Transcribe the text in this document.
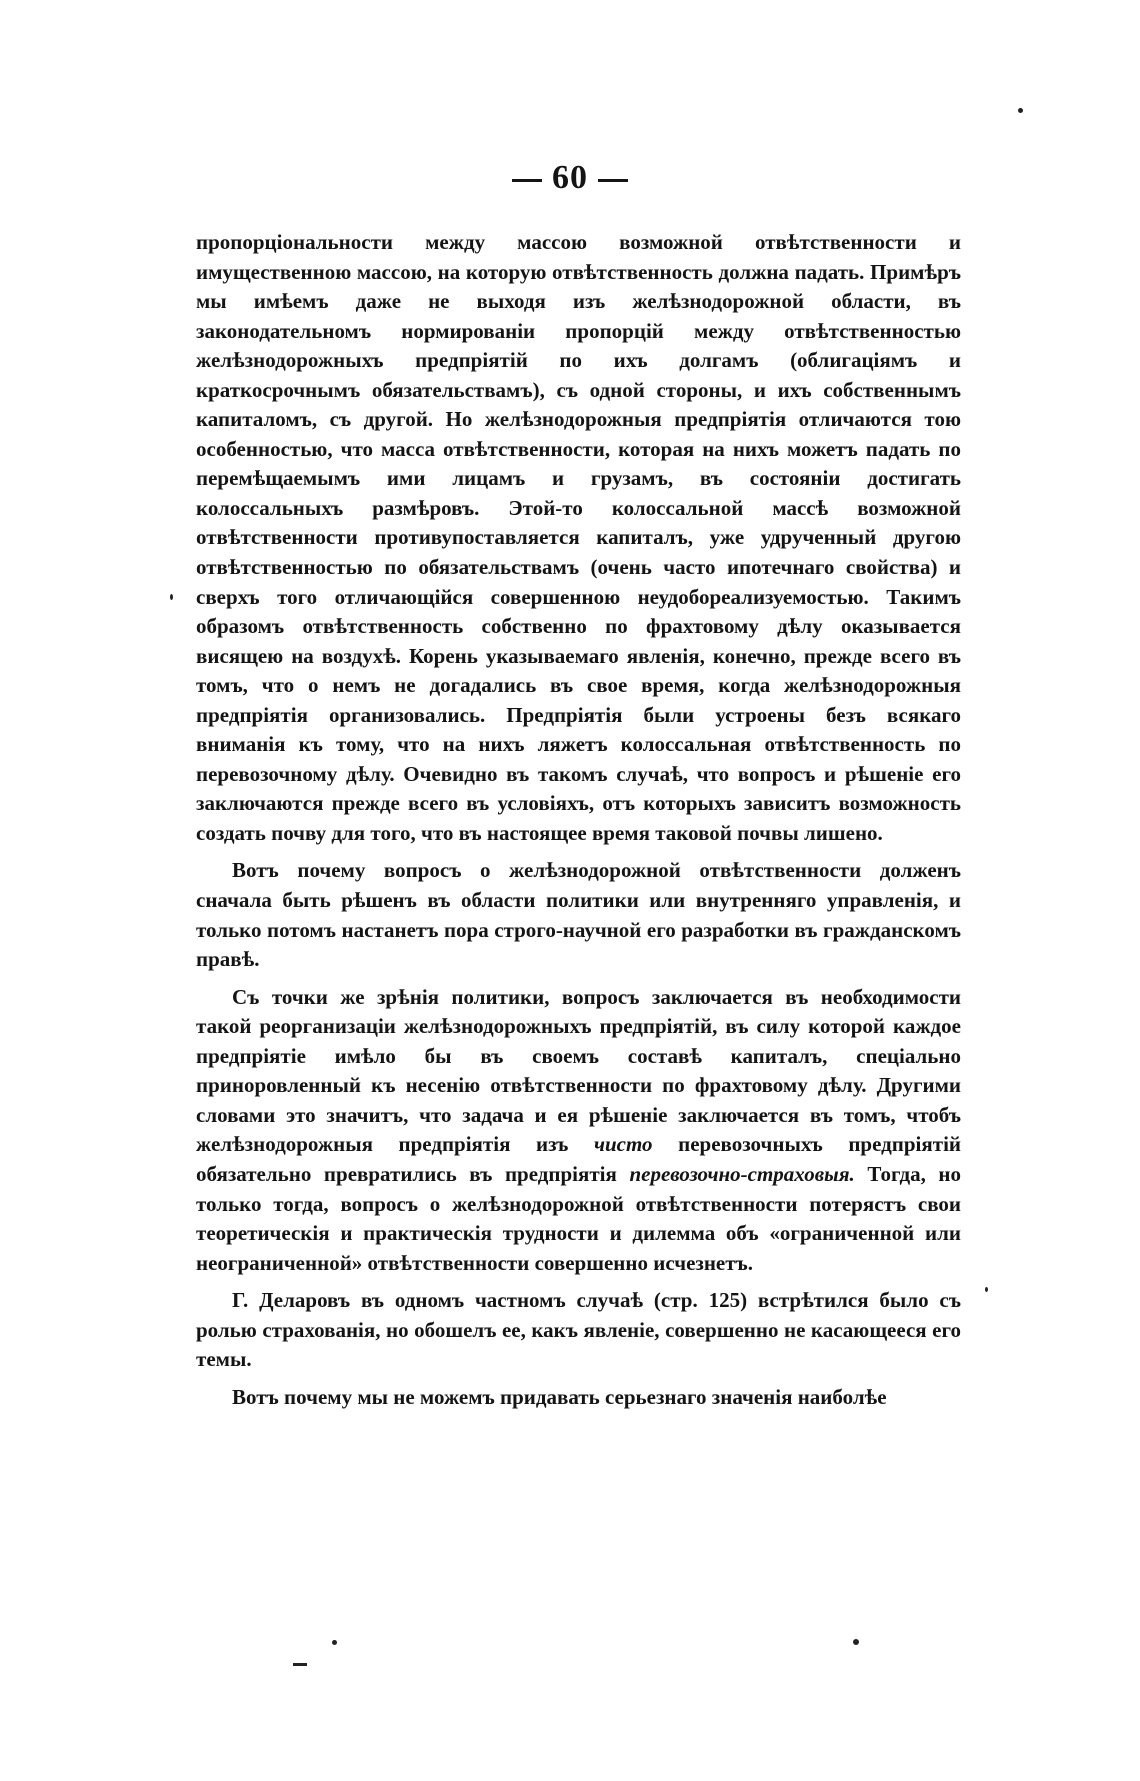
60

пропорціональности между массою возможной отвѣтственности и имущественною массою, на которую отвѣтственность должна падать. Примѣръ мы имѣемъ даже не выходя изъ желѣзнодорожной области, въ законодательномъ нормированіи пропорцій между отвѣтственностью желѣзнодорожныхъ предпріятій по ихъ долгамъ (облигаціямъ и краткосрочнымъ обязательствамъ), съ одной стороны, и ихъ собственнымъ капиталомъ, съ другой. Но желѣзнодорожныя предпріятія отличаются тою особенностью, что масса отвѣтственности, которая на нихъ можетъ падать по перемѣщаемымъ ими лицамъ и грузамъ, въ состояніи достигать колоссальныхъ размѣровъ. Этой-то колоссальной массѣ возможной отвѣтственности противупоставляется капиталъ, уже удрученный другою отвѣтственностью по обязательствамъ (очень часто ипотечнаго свойства) и сверхъ того отличающійся совершенною неудобореализуемостью. Такимъ образомъ отвѣтственность собственно по фрахтовому дѣлу оказывается висящею на воздухѣ. Корень указываемаго явленія, конечно, прежде всего въ томъ, что о немъ не догадались въ свое время, когда желѣзнодорожныя предпріятія организовались. Предпріятія были устроены безъ всякаго вниманія къ тому, что на нихъ ляжетъ колоссальная отвѣтственность по перевозочному дѣлу. Очевидно въ такомъ случаѣ, что вопросъ и рѣшеніе его заключаются прежде всего въ условіяхъ, отъ которыхъ зависитъ возможность создать почву для того, что въ настоящее время таковой почвы лишено.

Вотъ почему вопросъ о желѣзнодорожной отвѣтственности долженъ сначала быть рѣшенъ въ области политики или внутренняго управленія, и только потомъ настанетъ пора строго-научной его разработки въ гражданскомъ правѣ.

Съ точки же зрѣнія политики, вопросъ заключается въ необходимости такой реорганизаціи желѣзнодорожныхъ предпріятій, въ силу которой каждое предпріятіе имѣло бы въ своемъ составѣ капиталъ, спеціально приноровленный къ несенію отвѣтственности по фрахтовому дѣлу. Другими словами это значитъ, что задача и ея рѣшеніе заключается въ томъ, чтобъ желѣзнодорожныя предпріятія изъ чисто перевозочныхъ предпріятій обязательно превратились въ предпріятія перевозочно-страховыя. Тогда, но только тогда, вопросъ о желѣзнодорожной отвѣтственности потерястъ свои теоретическія и практическія трудности и дилемма объ «ограниченной или неограниченной» отвѣтственности совершенно исчезнетъ.

Г. Деларовъ въ одномъ частномъ случаѣ (стр. 125) встрѣтился было съ ролью страхованія, но обошелъ ее, какъ явленіе, совершенно не касающееся его темы.

Вотъ почему мы не можемъ придавать серьезнаго значенія наиболѣе
